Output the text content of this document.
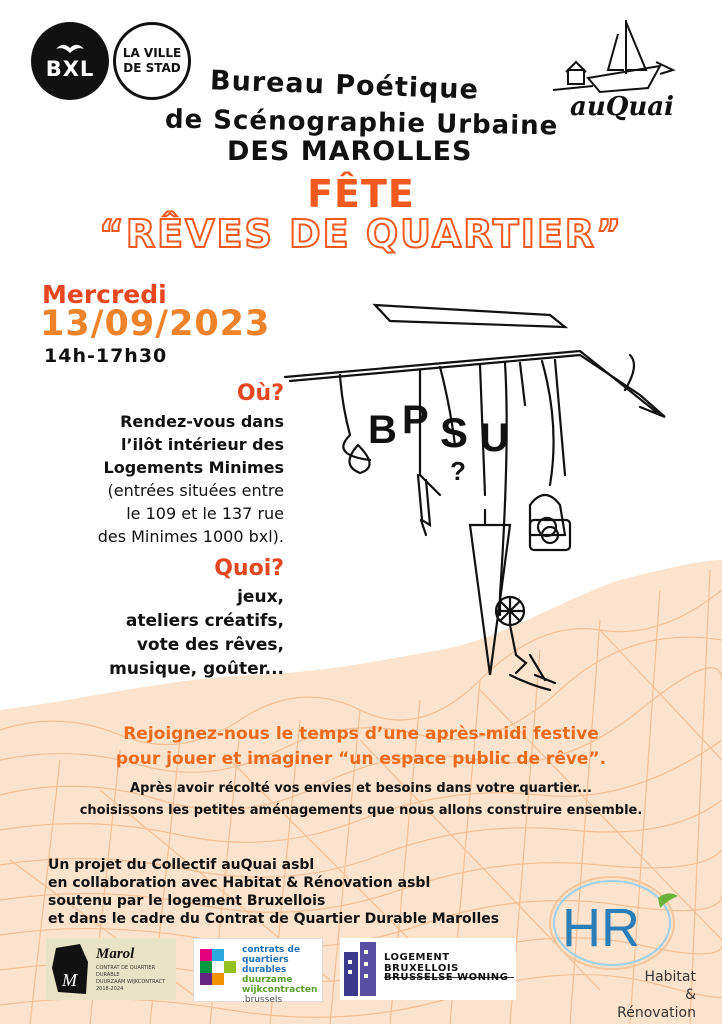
BXL
LA VILLE
DE STAD
auQuai
Bureau Poétique
de Scénographie Urbaine
DES MAROLLES
FÊTE
“RÊVES DE QUARTIER”
Mercredi
13/09/2023
14h-17h30
B P S U
?
Où?
Rendez-vous dans
l’ilôt intérieur des
Logements Minimes
(entrées situées entre
le 109 et le 137 rue
des Minimes 1000 bxl).
Quoi?
jeux,
ateliers créatifs,
vote des rêves,
musique, goûter...
Rejoignez-nous le temps d’une après-midi festive
pour jouer et imaginer “un espace public de rêve”.
Après avoir récolté vos envies et besoins dans votre quartier...
choisissons les petites aménagements que nous allons construire ensemble.
Un projet du Collectif auQuai asbl
en collaboration avec Habitat & Rénovation asbl
soutenu par le logement Bruxellois
et dans le cadre du Contrat de Quartier Durable Marolles
M
Marol
CONTRAT DE QUARTIER DURABLE
DUURZAAM WIJKCONTRACT
2018-2024
contrats de
quartiers durables
duurzame
wijkcontracten
.brussels
LOGEMENT BRUXELLOIS
BRUSSELSE WONING
HR
Habitat
& Rénovation
